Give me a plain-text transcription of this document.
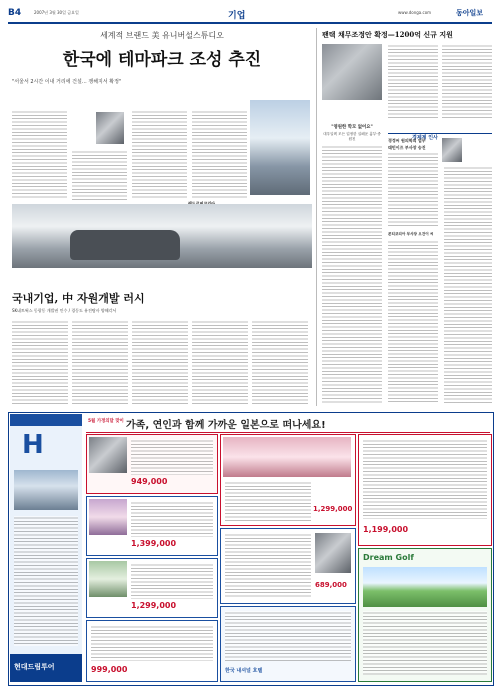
B4	2007년 3월 30일 금요일	기업	www.donga.com	동아일보
세계적 브랜드 美 유니버설스튜디오
한국에 테마파크 조성 추진
"서울서 2시간 이내 거리에 건설… 쟁해지서 확정"
국내기업, 中 자원개발 러시
SK네트웍스 동광동 개발권 인수 / 경동도 유전탐사 양해각서
팬택 채무조정안 확정—1200억 신규 지원
"영원한 학모 없어요"
대우일렉 모든 업정한 실페운 흉부·중 원친	경제계 인사
경정씨 원의학의 업무
태민이즈 부사장 승진
콘티코리아 부사장 오건이 씨
H
현대드림투어
5월 가정의달 맞이 가족, 연인과 함께 가까운 일본으로 떠나세요!
949,000
1,399,000
1,299,000
999,000
1,299,000
689,000
한국 내셔널 호텔
1,199,000
Dream Golf
